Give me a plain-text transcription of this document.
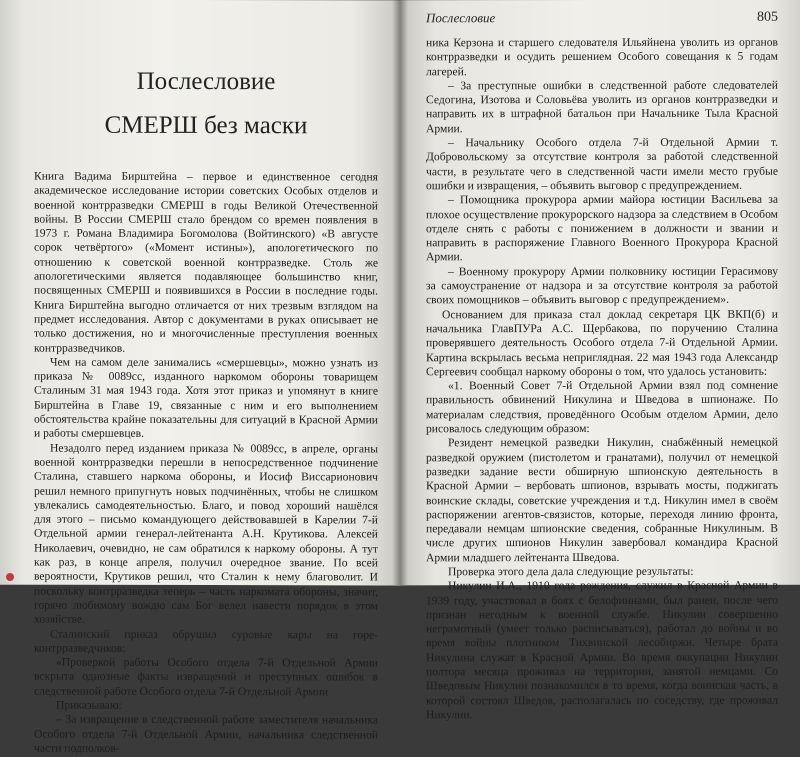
Послесловие
СМЕРШ без маски

Книга Вадима Бирштейна – первое и единственное сегодня академическое исследование истории советских Особых отделов и военной контрразведки СМЕРШ в годы Великой Отечественной войны. В России СМЕРШ стало брендом со времен появления в 1973 г. Романа Владимира Богомолова (Войтинского) «В августе сорок четвёртого» («Момент истины»), апологетического по отношению к советской военной контрразведке. Столь же апологетическими является подавляющее большинство книг, посвященных СМЕРШ и появившихся в России в последние годы. Книга Бирштейна выгодно отличается от них трезвым взглядом на предмет исследования. Автор с документами в руках описывает не только достижения, но и многочисленные преступления военных контрразведчиков.

Чем на самом деле занимались «смершевцы», можно узнать из приказа № 0089сс, изданного наркомом обороны товарищем Сталиным 31 мая 1943 года. Хотя этот приказ и упомянут в книге Бирштейна в Главе 19, связанные с ним и его выполнением обстоятельства крайне показательны для ситуаций в Красной Армии и работы смершевцев.

Незадолго перед изданием приказа № 0089сс, в апреле, органы военной контрразведки перешли в непосредственное подчинение Сталина, ставшего наркома обороны, и Иосиф Виссарионович решил немного припугнуть новых подчинённых, чтобы не слишком увлекались самодеятельностью. Благо, и повод хороший нашёлся для этого – письмо командующего действовавшей в Карелии 7-й Отдельной армии генерал-лейтенанта А.Н. Крутикова. Алексей Николаевич, очевидно, не сам обратился к наркому обороны. А тут как раз, в конце апреля, получил очередное звание. По всей вероятности, Крутиков решил, что Сталин к нему благоволит. И поскольку контрразведка теперь – часть наркомата обороны, значит, горячо любимому вождю сам Бог велел навести порядок в этом хозяйстве.

Сталинский приказ обрушил суровые кары на горе-контрразведчиков:

«Проверкой работы Особого отдела 7-й Отдельной Армии вскрыта одиозные факты извращений и преступных ошибок в следственной работе Особого отдела 7-й Отдельной Армии

Приказываю:

– За извращение в следственной работе заместителя начальника Особого отдела 7-й Отдельной Армии, начальника следственной части подполков-

Послесловие	805

ника Керзона и старшего следователя Ильяйненa уволить из органов контрразведки и осудить решением Особого совещания к 5 годам лагерей.

– За преступные ошибки в следственной работе следователей Седогина, Изотова и Соловьёва уволить из органов контрразведки и направить их в штрафной батальон при Начальнике Тыла Красной Армии.

– Начальнику Особого отдела 7-й Отдельной Армии т. Добровольскому за отсутствие контроля за работой следственной части, в результате чего в следственной части имели место грубые ошибки и извращения, – объявить выговор с предупреждением.

– Помощника прокурора армии майора юстиции Васильева за плохое осуществление прокурорского надзора за следствием в Особом отделе снять с работы с понижением в должности и звании и направить в распоряжение Главного Военного Прокурора Красной Армии.

– Военному прокурору Армии полковнику юстиции Герасимову за самоустранение от надзора и за отсутствие контроля за работой своих помощников – объявить выговор с предупреждением».

Основанием для приказа стал доклад секретаря ЦК ВКП(б) и начальника ГлавПУРа А.С. Щербакова, по поручению Сталина проверявшего деятельность Особого отдела 7-й Отдельной Армии. Картина вскрылась весьма неприглядная. 22 мая 1943 года Александр Сергеевич сообщал наркому обороны о том, что удалось установить:

«1. Военный Совет 7-й Отдельной Армии взял под сомнение правильность обвинений Никулина и Шведова в шпионаже. По материалам следствия, проведённого Особым отделом Армии, дело рисовалось следующим образом:

Резидент немецкой разведки Никулин, снабжённый немецкой разведкой оружием (пистолетом и гранатами), получил от немецкой разведки задание вести обширную шпионскую деятельность в Красной Армии – вербовать шпионов, взрывать мосты, поджигать воинские склады, советские учреждения и т.д. Никулин имел в своём распоряжении агентов-связистов, которые, переходя линию фронта, передавали немцам шпионские сведения, собранные Никулиным. В числе других шпионов Никулин завербовал командира Красной Армии младшего лейтенанта Шведова.

Проверка этого дела дала следующие результаты:

Никулин И.А., 1910 года рождения, служил в Красной Армии в 1939 году, участвовал в боях с белофиннами, был ранен, после чего признан негодным к военной службе. Никулин совершенно неграмотный (умеет только расписываться), работал до войны и во время войны плотником Тихвинской лесобиржи. Четыре брата Никулина служат в Красной Армии. Во время оккупации Никулин полтора месяца проживал на территории, занятой немцами. Со Шведовым Никулин познакомился в то время, когда воинская часть, в которой состоял Шведов, располагалась по соседству, где проживал Никулин.
